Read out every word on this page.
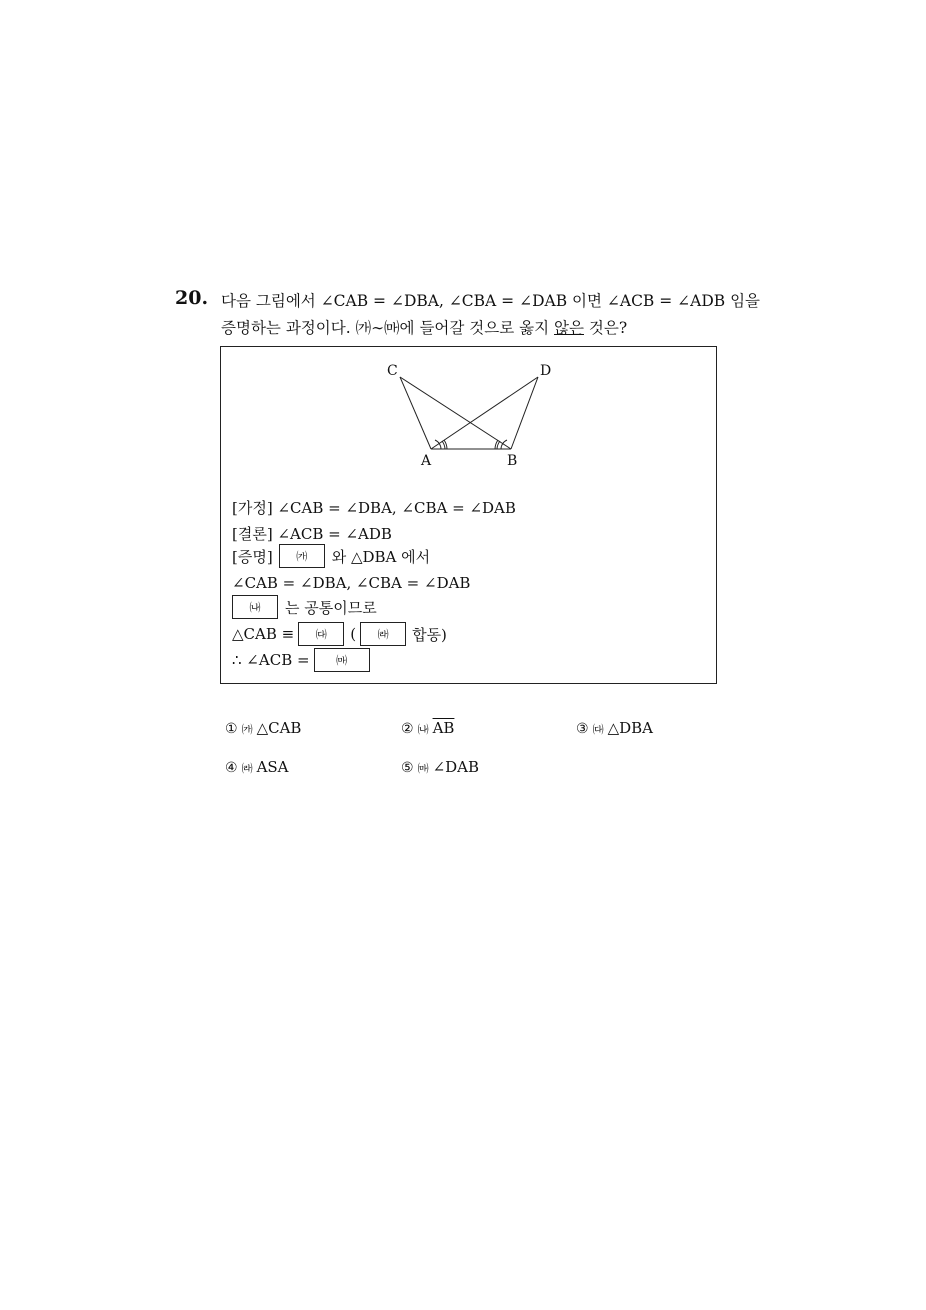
20. 다음 그림에서 ∠CAB = ∠DBA, ∠CBA = ∠DAB 이면 ∠ACB = ∠ADB 임을
증명하는 과정이다. ㈎∼㈒에 들어갈 것으로 옳지 않은 것은?
C	D
A	B
[가정] ∠CAB = ∠DBA, ∠CBA = ∠DAB
[결론] ∠ACB = ∠ADB
[증명]	㈎	와 △DBA 에서
∠CAB = ∠DBA, ∠CBA = ∠DAB
㈏	는 공통이므로
△CAB ≡	㈐	(	㈑	합동)
∴ ∠ACB =	㈒
① ㈎ △CAB	② ㈏ $\overline{AB}$	③ ㈐ △DBA
④ ㈑ ASA	⑤ ㈒ ∠DAB
